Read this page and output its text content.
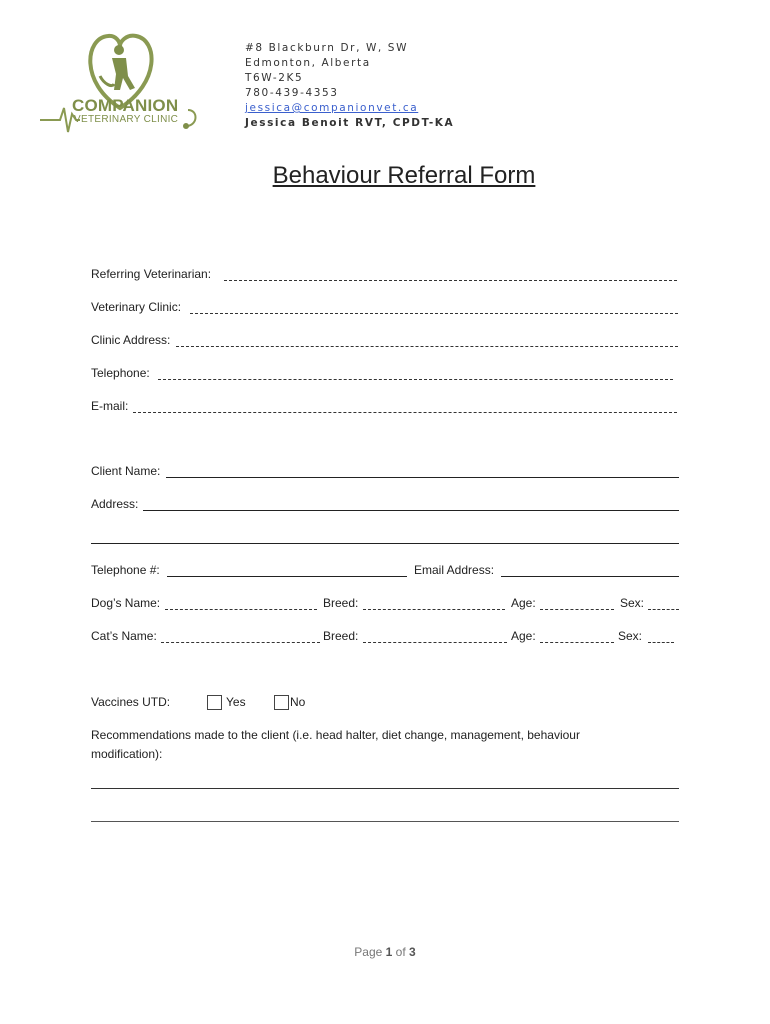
COMPANION
VETERINARY CLINIC
#8 Blackburn Dr, W, SW
Edmonton, Alberta
T6W-2K5
780-439-4353
jessica@companionvet.ca
Jessica Benoit RVT, CPDT-KA
Behaviour Referral Form
Referring Veterinarian:
Veterinary Clinic:
Clinic Address:
Telephone:
E-mail:
Client Name:
Address:
Telephone #:	Email Address:
Dog’s Name:	Breed:	Age:	Sex:
Cat’s Name:	Breed:	Age:	Sex:
Vaccines UTD:	Yes	No
Recommendations made to the client (i.e. head halter, diet change, management, behaviour
modification):
Page 1 of 3
